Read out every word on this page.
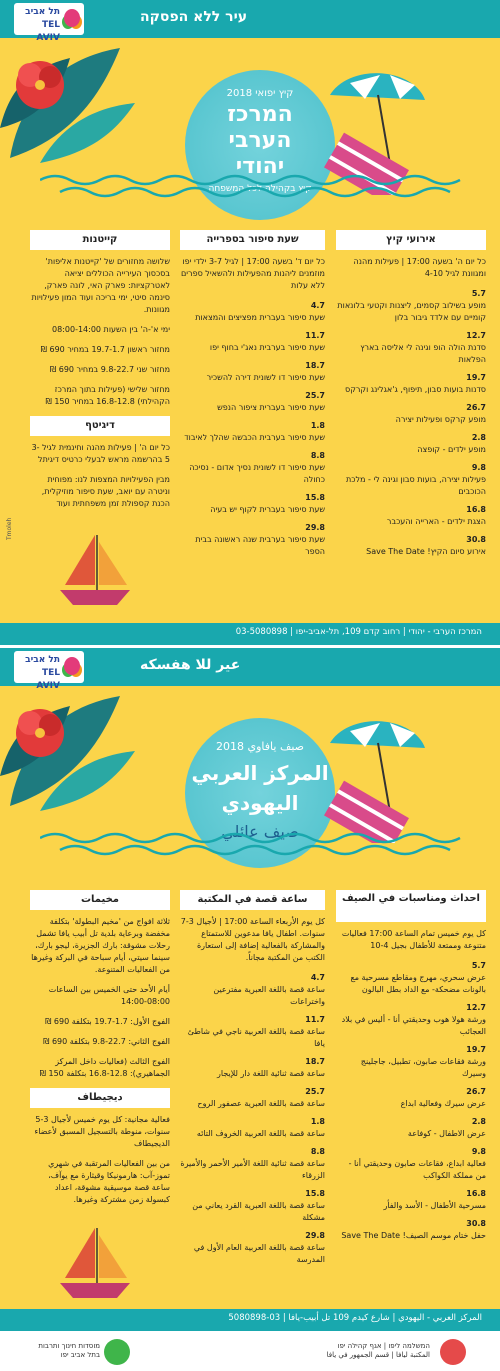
עיר ללא הפסקה
תל אביב
TEL AVIV
קיץ יפואי 2018
המרכז
הערבי
יהודי
קיץ בקהילה לכל המשפחה
אירועי קיץ
כל יום ה' בשעה 17:00 | פעילות מהנה ומגוונת לגיל 4-10
5.7
מופע בשילוב קסמים, ליצנות וקטעי בלונאות קומיים עם אלדד גיבור בלון
12.7
סדנת הולה הופ וגינה לי אליסה בארץ הפלאות
19.7
סדנות בועות סבון, תיפוף, ג'אגלינג וקרקס
26.7
מופע קרקס ופעילות יצירה
2.8
מופע ילדים - קופצה
9.8
פעילות יצירה, בועות סבון וגינה לי - מלכת הכוכבים
16.8
הצגת ילדים - הארייה והעכבר
30.8
אירוע סיום הקיץ! Save The Date
שעת סיפור בספרייה
כל יום ד' בשעה 17:00 | לגיל 3-7 ילדי יפו מוזמנים ליהנות מהפעילות ולהשאיל ספרים ללא עלות
4.7
שעת סיפור בעברית מפציצים והמצאות
11.7
שעת סיפור בערבית נאג'י בחוף יפו
18.7
שעת סיפור דו לשונית דירה להשכיר
25.7
שעת סיפור בעברית ציפור הנפש
1.8
שעת סיפור בערבית הכבשה שהלך לאיבוד
8.8
שעת סיפור דו לשונית נסיך אדום - נסיכה כחולה
15.8
שעת סיפור בעברית לקוף יש בעיה
29.8
שעת סיפור בערבית שנה ראשונה בבית הספר
קייטנות
שלושה מחזורים של 'קייטנות אליפות' בסכסוך העירייה הכוללים יציאה לאטרקציות: פארק האי, לונה פארק, סינמה סיטי, ימי בריכה ועוד המון פעילויות מגוונות.
ימי א'-ה' בין השעות 08:00-14:00
מחזור ראשון 19.7-1.7 במחיר 690 ₪
מחזור שני 9.8-22.7 במחיר 690 ₪
מחזור שלישי (פעילות בתוך המרכז הקהילתי) 16.8-12.8 במחיר 150 ₪
דיגיטף
כל יום ה' | פעילות מהנה וחינמית לגיל 3-5 בהרשמה מראש לבעלי כרטיס דיגיתל
מבין הפעילויות המצפות לנו: מפוחית וניטרה עם יואב, שעת סיפור מוזיקלית, הכנת קספולת זמן משפחתית ועוד
Tmoleh
המרכז הערבי - יהודי | רחוב קדם 109, תל-אביב-יפו | 03-5080898
عير للا هفسكه
תל אביב
TEL AVIV
صيف يافاوي 2018
المركز العربي
اليهودي
صيف عائلي
احداث ومناسبات في الصيف
كل يوم خميس تمام الساعة 17:00 فعاليات متنوعة وممتعة للأطفال بجيل 4-10
5.7
عرض سحري، مهرج ومقاطع مسرحية مع بالونات مضحكة- مع الداد بطل البالون
12.7
ورشة هولا هوب وحديقتي أنا - أليس في بلاد العجائب
19.7
ورشة فقاعات صابون، تطبيل، جاجلينج وسيرك
26.7
عرض سيرك وفعالية ابداع
2.8
عرض الاطفال - كوفاعة
9.8
فعالية ابداع، فقاعات صابون وحديقتي أنا - من مملكة الكواكب
16.8
مسرحية الأطفال - الأسد والفأر
30.8
حفل ختام موسم الصيف! Save The Date
ساعة قصة في المكتبة
كل يوم الأربعاء الساعة 17:00 | لأجيال 3-7 سنوات. اطفال يافا مدعوين للاستمتاع والمشاركة بالفعالية إضافة إلى استعارة الكتب من المكتبة مجاناً.
4.7
ساعة قصة باللغة العبرية مفترعين واختراعات
11.7
ساعة قصة باللغة العربية ناجي في شاطئ يافا
18.7
ساعة قصة ثنائية اللغة دار للإيجار
25.7
ساعة قصة باللغة العبرية عصفور الروح
1.8
ساعة قصة باللغة العربية الخروف التائه
8.8
ساعة قصة ثنائية اللغة الأمير الأحمر والأميرة الزرقاء
15.8
ساعة قصة باللغة العبرية القرد يعاني من مشكلة
29.8
ساعة قصة باللغة العربية العام الأول في المدرسة
مخيمات
ثلاثة افواج من 'مخيم البطولة' بتكلفة مخفضة وبرعاية بلدية تل أبيب يافا تشمل رحلات مشوقة: بارك الجزيرة، ليجو بارك، سينما سيتي، أيام سباحة في البركة وغيرها من الفعاليات المتنوعة.
أيام الأحد حتى الخميس بين الساعات 08:00-14:00
الفوج الأول: 1.7-19.7 بتكلفة 690 ₪
الفوج الثاني: 22.7-9.8 بتكلفة 690 ₪
الفوج الثالث (فعاليات داخل المركز الجماهيري): 12.8-16.8 بتكلفة 150 ₪
ديجيطاف
فعالية مجانية: كل يوم خميس لأجيال 3-5 سنوات، منوطة بالتسجيل المسبق لأعضاء الديجيطاف
من بين الفعاليات المرتقبة في شهري تموز-آب: هارمونيكا وقيثارة مع يوآف، ساعة قصة موسيقية مشوقة، اعداد كبسولة زمن مشتركة وغيرها.
المركز العربي - اليهودي | شارع كيدم 109 تل أبيب-يافا | 03-5080898
המשלמה ליפו | אגף קהילה יפו
المكتبة ليافا | قسم الجمهور في يافا
מוסדות חינוך ותרבות
בתל אביב יפו
